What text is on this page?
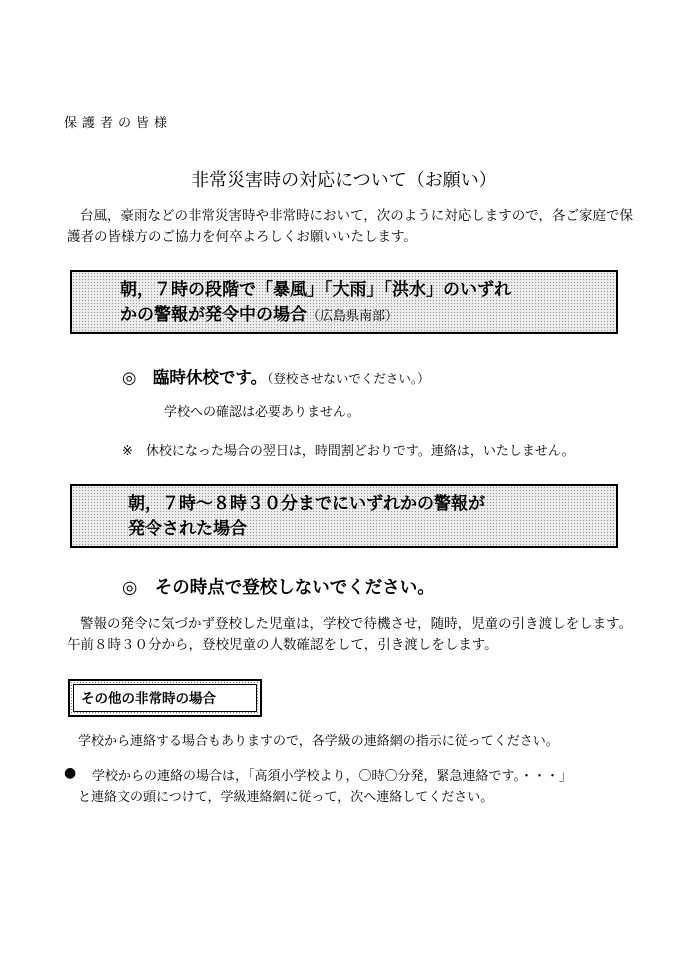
保護者の皆様
非常災害時の対応について（お願い）
台風，豪雨などの非常災害時や非常時において，次のように対応しますので，各ご家庭で保護者の皆様方のご協力を何卒よろしくお願いいたします。
朝，７時の段階で「暴風」「大雨」「洪水」のいずれ
かの警報が発令中の場合（広島県南部）
◎　臨時休校です。（登校させないでください。）
学校への確認は必要ありません。
※　休校になった場合の翌日は，時間割どおりです。連絡は，いたしません。
朝，７時～８時３０分までにいずれかの警報が
発令された場合
◎　その時点で登校しないでください。
警報の発令に気づかず登校した児童は，学校で待機させ，随時，児童の引き渡しをします。午前８時３０分から，登校児童の人数確認をして，引き渡しをします。
その他の非常時の場合
学校から連絡する場合もありますので，各学級の連絡網の指示に従ってください。
● 学校からの連絡の場合は，「高須小学校より，〇時〇分発，緊急連絡です。・・・」
と連絡文の頭につけて，学級連絡網に従って，次へ連絡してください。
